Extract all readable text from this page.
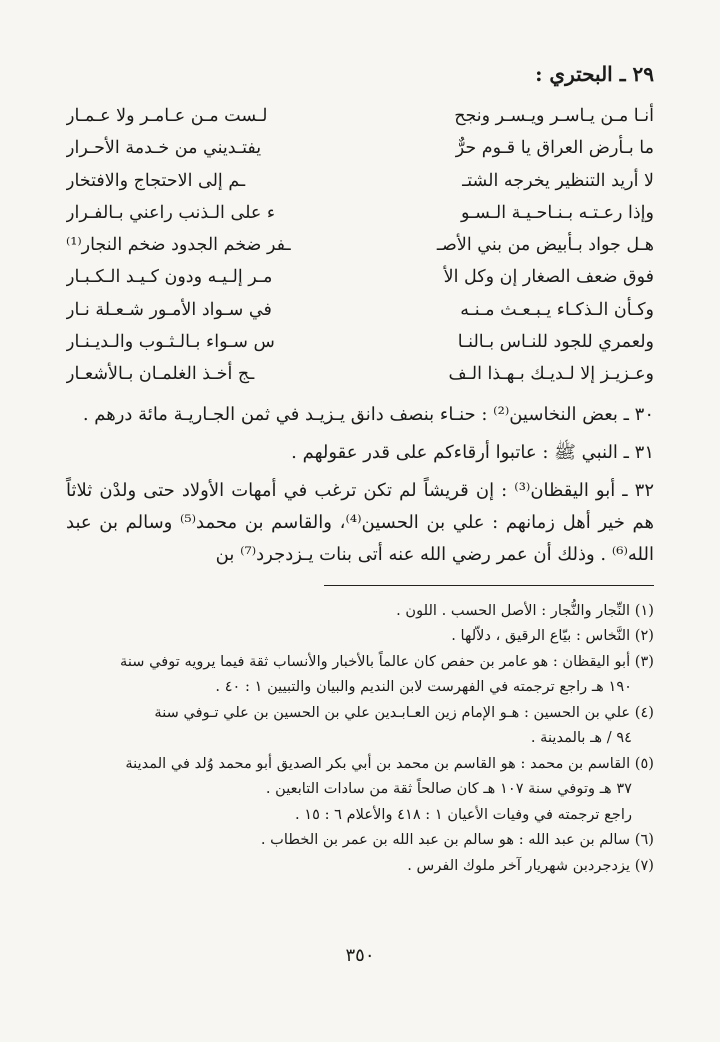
٢٩ ـ البحتري :
أنـا مـن يـاسـر ويـسـر ونجح
لـست مـن عـامـر ولا عـمـار
ما بـأرض العراق يا قـوم حرٌّ
يفتـديني من خـدمة الأحـرار
لا أريد التنظير يخرجه الشتـ
ـم إلى الاحتجاج والافتخار
وإذا رعـتـه بـنـاحـيـة الـسـو
ء على الـذنب راعني بـالفـرار
هـل جواد بـأبيض من بني الأصـ
ـفر ضخم الجدود ضخم النجار⁽¹⁾
فوق ضعف الصغار إن وكل الأ
مـر إلـيـه ودون كـيـد الـكـبـار
وكـأن الـذكـاء يـبـعـث مـنـه
في سـواد الأمـور شـعـلة نـار
ولعمري للجود للنـاس بـالنـا
س سـواء بـالـثـوب والـديـنـار
وعـزيـز إلا لـديـك بـهـذا الـف
ـج أخـذ الغلمـان بـالأشعـار

٣٠ ـ بعض النخاسين⁽²⁾ : حنـاء بنصف دانق يـزيـد في ثمن الجـاريـة مائة درهم .

٣١ ـ النبي ﷺ : عاتبوا أرقاءكم على قدر عقولهم .

٣٢ ـ أبو اليقظان⁽³⁾ : إن قريشاً لم تكن ترغب في أمهات الأولاد حتى ولدْن ثلاثاً هم خير أهل زمانهم : علي بن الحسين⁽⁴⁾، والقاسم بن محمد⁽⁵⁾ وسالم بن عبد الله⁽⁶⁾ . وذلك أن عمر رضي الله عنه أتى بنات يـزدجرد⁽⁷⁾ بن

(١) النِّجار والنُّجار : الأصل الحسب . اللون .
(٢) النَّخاس : بيّاع الرقيق ، دلاّلها .
(٣) أبو اليقظان : هو عامر بن حفص كان عالماً بالأخبار والأنساب ثقة فيما يرويه توفي سنة
١٩٠ هـ راجع ترجمته في الفهرست لابن النديم والبيان والتبيين ١ : ٤٠ .
(٤) علي بن الحسين : هـو الإمام زين العـابـدين علي بن الحسين بن علي تـوفي سنة
٩٤ / هـ بالمدينة .
(٥) القاسم بن محمد : هو القاسم بن محمد بن أبي بكر الصديق أبو محمد وُلد في المدينة
٣٧ هـ وتوفي سنة ١٠٧ هـ كان صالحاً ثقة من سادات التابعين .
راجع ترجمته في وفيات الأعيان ١ : ٤١٨ والأعلام ٦ : ١٥ .
(٦) سالم بن عبد الله : هو سالم بن عبد الله بن عمر بن الخطاب .
(٧) يزدجردبن شهريار آخر ملوك الفرس .
٣٥٠
